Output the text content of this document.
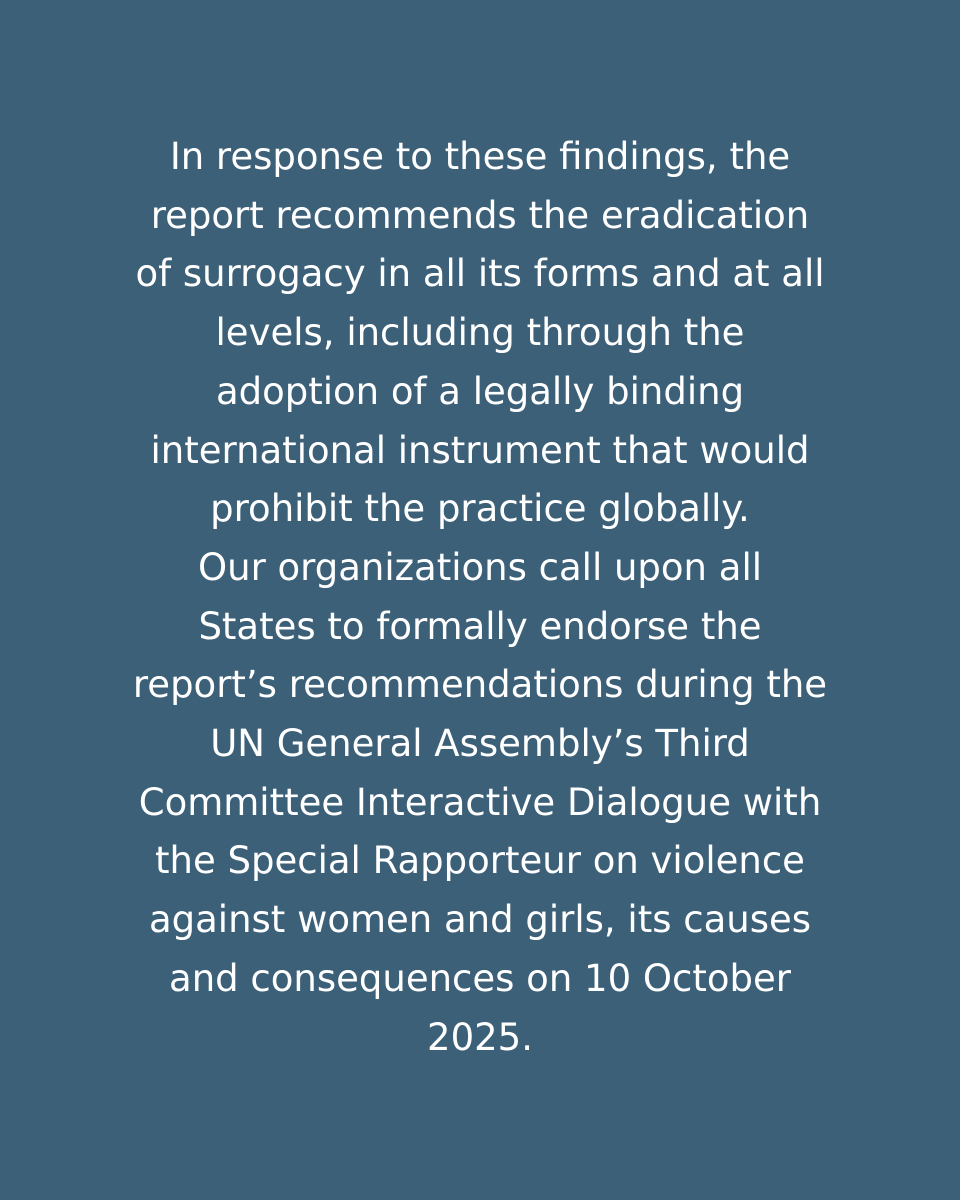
In response to these findings, the
report recommends the eradication
of surrogacy in all its forms and at all
levels, including through the
adoption of a legally binding
international instrument that would
prohibit the practice globally.
Our organizations call upon all
States to formally endorse the
report’s recommendations during the
UN General Assembly’s Third
Committee Interactive Dialogue with
the Special Rapporteur on violence
against women and girls, its causes
and consequences on 10 October
2025.
